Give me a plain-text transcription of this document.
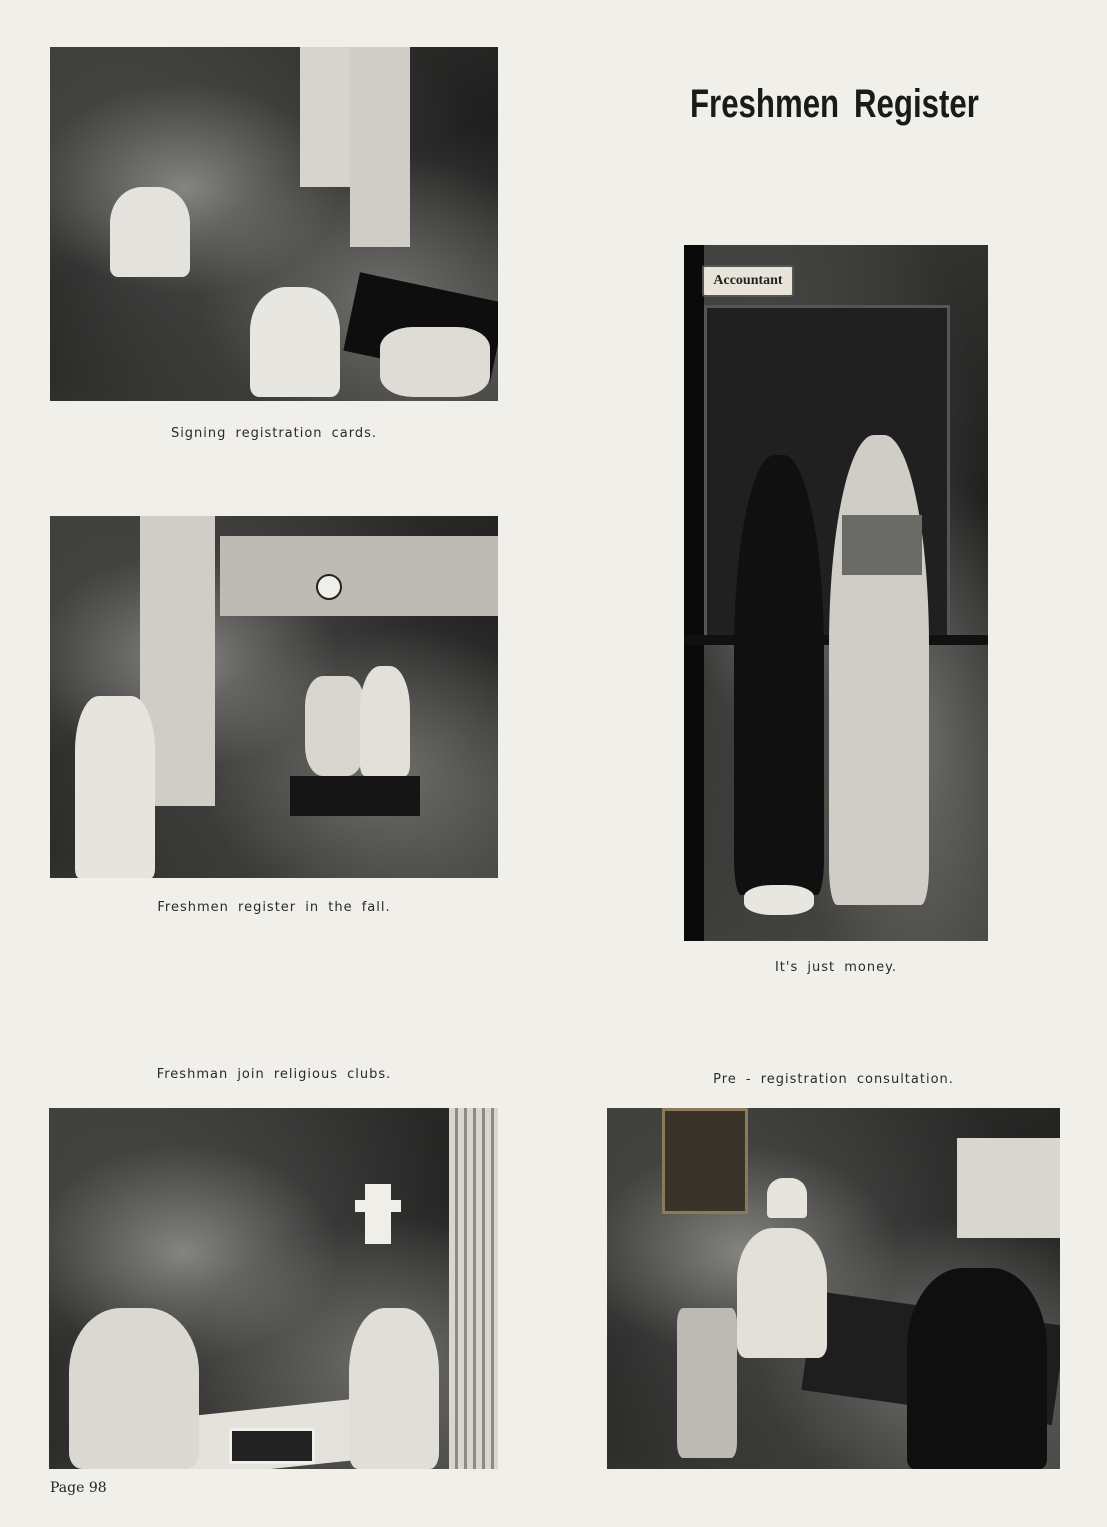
Freshmen Register
Signing registration cards.
Freshmen register in the fall.
Accountant
It's just money.
Freshman join religious clubs.	Pre - registration consultation.
Page 98
